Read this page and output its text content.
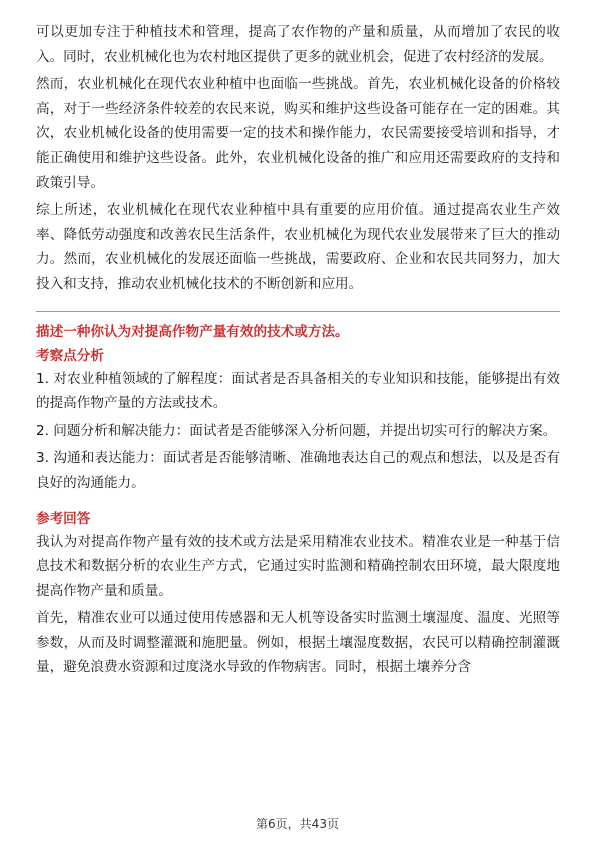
可以更加专注于种植技术和管理，提高了农作物的产量和质量，从而增加了农民的收入。同时，农业机械化也为农村地区提供了更多的就业机会，促进了农村经济的发展。

然而，农业机械化在现代农业种植中也面临一些挑战。首先，农业机械化设备的价格较高，对于一些经济条件较差的农民来说，购买和维护这些设备可能存在一定的困难。其次，农业机械化设备的使用需要一定的技术和操作能力，农民需要接受培训和指导，才能正确使用和维护这些设备。此外，农业机械化设备的推广和应用还需要政府的支持和政策引导。

综上所述，农业机械化在现代农业种植中具有重要的应用价值。通过提高农业生产效率、降低劳动强度和改善农民生活条件，农业机械化为现代农业发展带来了巨大的推动力。然而，农业机械化的发展还面临一些挑战，需要政府、企业和农民共同努力，加大投入和支持，推动农业机械化技术的不断创新和应用。

描述一种你认为对提高作物产量有效的技术或方法。

考察点分析

1. 对农业种植领域的了解程度：面试者是否具备相关的专业知识和技能，能够提出有效的提高作物产量的方法或技术。

2. 问题分析和解决能力：面试者是否能够深入分析问题，并提出切实可行的解决方案。

3. 沟通和表达能力：面试者是否能够清晰、准确地表达自己的观点和想法，以及是否有良好的沟通能力。

参考回答

我认为对提高作物产量有效的技术或方法是采用精准农业技术。精准农业是一种基于信息技术和数据分析的农业生产方式，它通过实时监测和精确控制农田环境，最大限度地提高作物产量和质量。

首先，精准农业可以通过使用传感器和无人机等设备实时监测土壤湿度、温度、光照等参数，从而及时调整灌溉和施肥量。例如，根据土壤湿度数据，农民可以精确控制灌溉量，避免浪费水资源和过度浇水导致的作物病害。同时，根据土壤养分含

第6页，共43页
